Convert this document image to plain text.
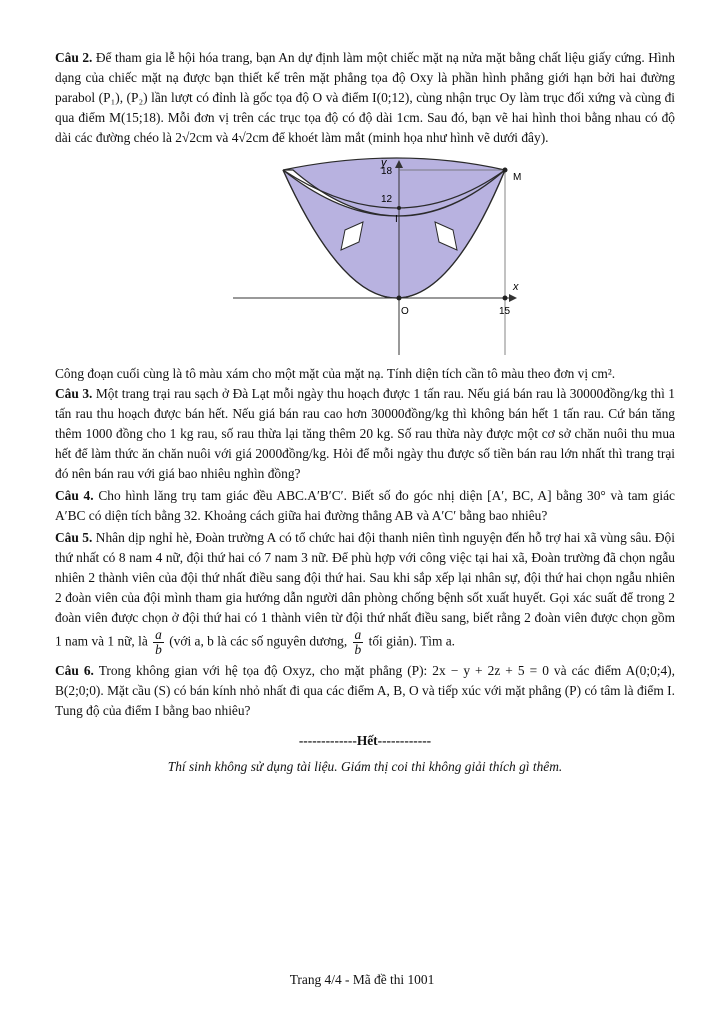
Câu 2. Để tham gia lễ hội hóa trang, bạn An dự định làm một chiếc mặt nạ nửa mặt bằng chất liệu giấy cứng. Hình dạng của chiếc mặt nạ được bạn thiết kế trên mặt phẳng tọa độ Oxy là phần hình phẳng giới hạn bởi hai đường parabol (P₁), (P₂) lần lượt có đỉnh là gốc tọa độ O và điểm I(0;12), cùng nhận trục Oy làm trục đối xứng và cùng đi qua điểm M(15;18). Mỗi đơn vị trên các trục tọa độ có độ dài 1cm. Sau đó, bạn vẽ hai hình thoi bằng nhau có độ dài các đường chéo là 2√2cm và 4√2cm để khoét làm mắt (minh họa như hình vẽ dưới đây).

y
x
18
12
I
M
O	15

Công đoạn cuối cùng là tô màu xám cho một mặt của mặt nạ. Tính diện tích cần tô màu theo đơn vị cm².

Câu 3. Một trang trại rau sạch ở Đà Lạt mỗi ngày thu hoạch được 1 tấn rau. Nếu giá bán rau là 30000đồng/kg thì 1 tấn rau thu hoạch được bán hết. Nếu giá bán rau cao hơn 30000đồng/kg thì không bán hết 1 tấn rau. Cứ bán tăng thêm 1000 đồng cho 1 kg rau, số rau thừa lại tăng thêm 20 kg. Số rau thừa này được một cơ sở chăn nuôi thu mua hết để làm thức ăn chăn nuôi với giá 2000đồng/kg. Hỏi để mỗi ngày thu được số tiền bán rau lớn nhất thì trang trại đó nên bán rau với giá bao nhiêu nghìn đồng?

Câu 4. Cho hình lăng trụ tam giác đều ABC.A′B′C′. Biết số đo góc nhị diện [A′, BC, A] bằng 30° và tam giác A′BC có diện tích bằng 32. Khoảng cách giữa hai đường thẳng AB và A′C′ bằng bao nhiêu?

Câu 5. Nhân dịp nghỉ hè, Đoàn trường A có tổ chức hai đội thanh niên tình nguyện đến hỗ trợ hai xã vùng sâu. Đội thứ nhất có 8 nam 4 nữ, đội thứ hai có 7 nam 3 nữ. Để phù hợp với công việc tại hai xã, Đoàn trường đã chọn ngẫu nhiên 2 thành viên của đội thứ nhất điều sang đội thứ hai. Sau khi sắp xếp lại nhân sự, đội thứ hai chọn ngẫu nhiên 2 đoàn viên của đội mình tham gia hướng dẫn người dân phòng chống bệnh sốt xuất huyết. Gọi xác suất để trong 2 đoàn viên được chọn ở đội thứ hai có 1 thành viên từ đội thứ nhất điều sang, biết rằng 2 đoàn viên được chọn gồm 1 nam và 1 nữ, là $\frac{a}{b}$ (với a, b là các số nguyên dương, $\frac{a}{b}$ tối giản). Tìm a.

Câu 6. Trong không gian với hệ tọa độ Oxyz, cho mặt phẳng (P): 2x − y + 2z + 5 = 0 và các điểm A(0;0;4), B(2;0;0). Mặt cầu (S) có bán kính nhỏ nhất đi qua các điểm A, B, O và tiếp xúc với mặt phẳng (P) có tâm là điểm I. Tung độ của điểm I bằng bao nhiêu?

-------------Hết------------
Thí sinh không sử dụng tài liệu. Giám thị coi thi không giải thích gì thêm.
Trang 4/4 - Mã đề thi 1001
